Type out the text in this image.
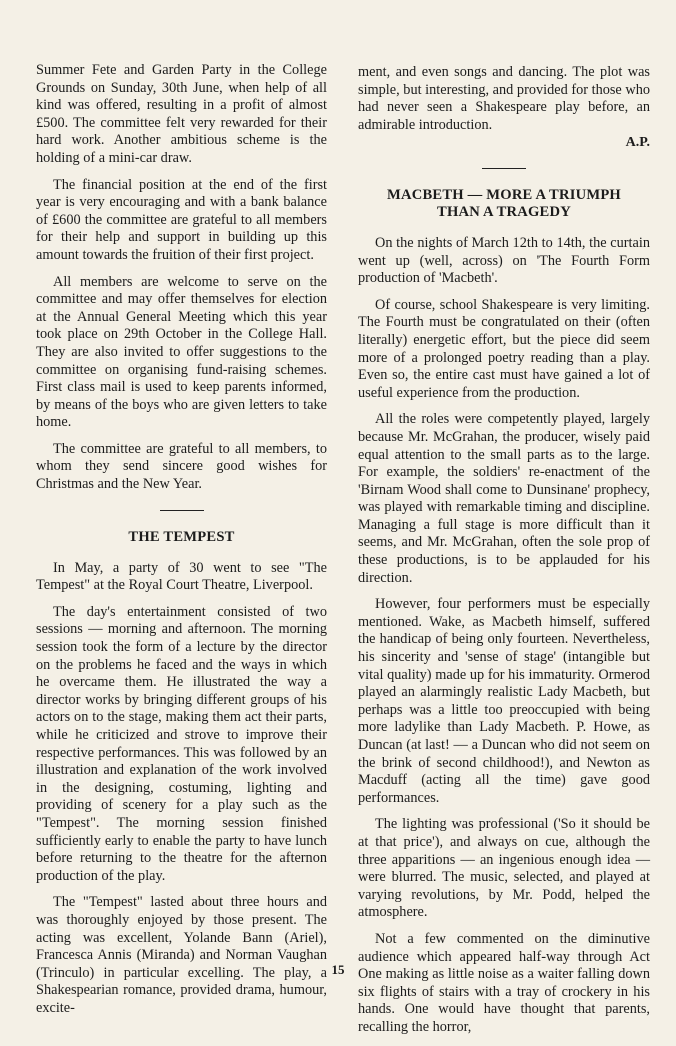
Summer Fete and Garden Party in the College Grounds on Sunday, 30th June, when help of all kind was offered, resulting in a profit of almost £500. The committee felt very rewarded for their hard work. Another ambitious scheme is the holding of a mini-car draw.

The financial position at the end of the first year is very encouraging and with a bank balance of £600 the committee are grateful to all members for their help and support in building up this amount towards the fruition of their first project.

All members are welcome to serve on the committee and may offer themselves for election at the Annual General Meeting which this year took place on 29th October in the College Hall. They are also invited to offer suggestions to the committee on organising fund-raising schemes. First class mail is used to keep parents informed, by means of the boys who are given letters to take home.

The committee are grateful to all members, to whom they send sincere good wishes for Christmas and the New Year.

THE TEMPEST

In May, a party of 30 went to see "The Tempest" at the Royal Court Theatre, Liverpool.

The day's entertainment consisted of two sessions — morning and afternoon. The morning session took the form of a lecture by the director on the problems he faced and the ways in which he overcame them. He illustrated the way a director works by bringing different groups of his actors on to the stage, making them act their parts, while he criticized and strove to improve their respective performances. This was followed by an illustration and explanation of the work involved in the designing, costuming, lighting and providing of scenery for a play such as the "Tempest". The morning session finished sufficiently early to enable the party to have lunch before returning to the theatre for the afternon production of the play.

The "Tempest" lasted about three hours and was thoroughly enjoyed by those present. The acting was excellent, Yolande Bann (Ariel), Francesca Annis (Miranda) and Norman Vaughan (Trinculo) in particular excelling. The play, a Shakespearian romance, provided drama, humour, excite-

ment, and even songs and dancing. The plot was simple, but interesting, and provided for those who had never seen a Shakespeare play before, an admirable introduction.

A.P.

MACBETH — MORE A TRIUMPH
THAN A TRAGEDY

On the nights of March 12th to 14th, the curtain went up (well, across) on 'The Fourth Form production of 'Macbeth'.

Of course, school Shakespeare is very limiting. The Fourth must be congratulated on their (often literally) energetic effort, but the piece did seem more of a prolonged poetry reading than a play. Even so, the entire cast must have gained a lot of useful experience from the production.

All the roles were competently played, largely because Mr. McGrahan, the producer, wisely paid equal attention to the small parts as to the large. For example, the soldiers' re-enactment of the 'Birnam Wood shall come to Dunsinane' prophecy, was played with remarkable timing and discipline. Managing a full stage is more difficult than it seems, and Mr. McGrahan, often the sole prop of these productions, is to be applauded for his direction.

However, four performers must be especially mentioned. Wake, as Macbeth himself, suffered the handicap of being only fourteen. Nevertheless, his sincerity and 'sense of stage' (intangible but vital quality) made up for his immaturity. Ormerod played an alarmingly realistic Lady Macbeth, but perhaps was a little too preoccupied with being more ladylike than Lady Macbeth. P. Howe, as Duncan (at last! — a Duncan who did not seem on the brink of second childhood!), and Newton as Macduff (acting all the time) gave good performances.

The lighting was professional ('So it should be at that price'), and always on cue, although the three apparitions — an ingenious enough idea — were blurred. The music, selected, and played at varying revolutions, by Mr. Podd, helped the atmosphere.

Not a few commented on the diminutive audience which appeared half-way through Act One making as little noise as a waiter falling down six flights of stairs with a tray of crockery in his hands. One would have thought that parents, recalling the horror,

15
